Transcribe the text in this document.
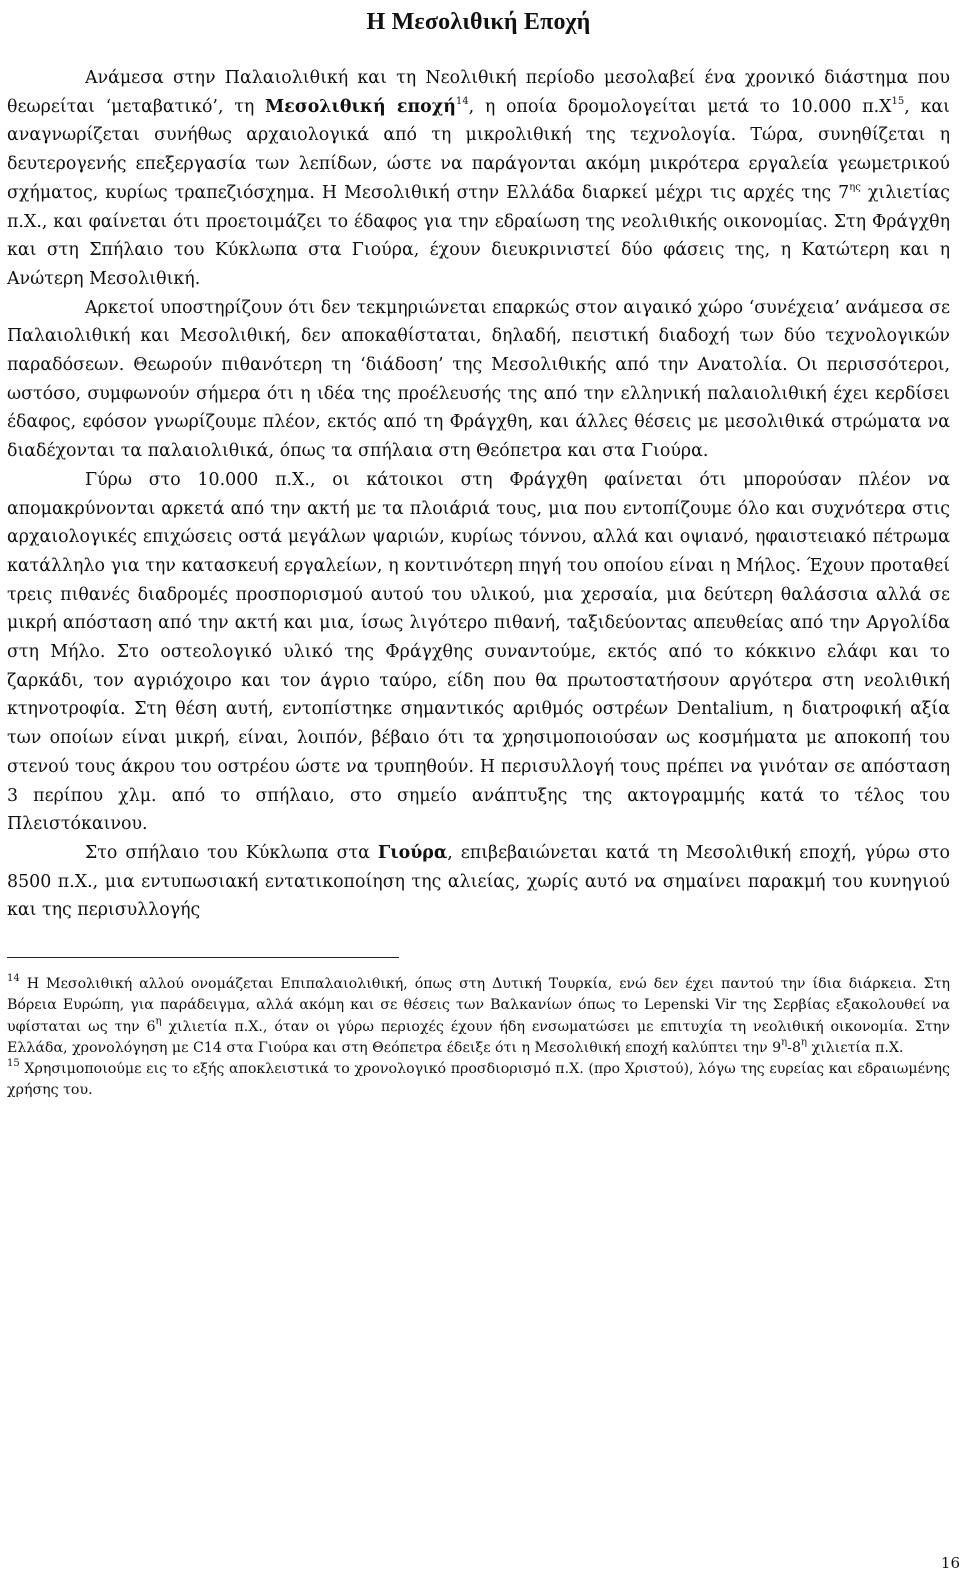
Η Μεσολιθική Εποχή

Ανάμεσα στην Παλαιολιθική και τη Νεολιθική περίοδο μεσολαβεί ένα χρονικό διάστημα που θεωρείται ‘μεταβατικό’, τη Μεσολιθική εποχή$^{14}$, η οποία δρομολογείται μετά το 10.000 $\pi.X^{15}$, και αναγνωρίζεται συνήθως αρχαιολογικά από τη μικρολιθική της τεχνολογία. Τώρα, συνηθίζεται η δευτερογενής επεξεργασία των λεπίδων, ώστε να παράγονται ακόμη μικρότερα εργαλεία γεωμετρικού σχήματος, κυρίως τραπεζιόσχημα. Η Μεσολιθική στην Ελλάδα διαρκεί μέχρι τις αρχές της $7^{\eta\varsigma}$ χιλιετίας π.Χ., και φαίνεται ότι προετοιμάζει το έδαφος για την εδραίωση της νεολιθικής οικονομίας. Στη Φράγχθη και στη Σπήλαιο του Κύκλωπα στα Γιούρα, έχουν διευκρινιστεί δύο φάσεις της, η Κατώτερη και η Ανώτερη Μεσολιθική.

Αρκετοί υποστηρίζουν ότι δεν τεκμηριώνεται επαρκώς στον αιγαικό χώρο ‘συνέχεια’ ανάμεσα σε Παλαιολιθική και Μεσολιθική, δεν αποκαθίσταται, δηλαδή, πειστική διαδοχή των δύο τεχνολογικών παραδόσεων. Θεωρούν πιθανότερη τη ‘διάδοση’ της Μεσολιθικής από την Ανατολία. Οι περισσότεροι, ωστόσο, συμφωνούν σήμερα ότι η ιδέα της προέλευσής της από την ελληνική παλαιολιθική έχει κερδίσει έδαφος, εφόσον γνωρίζουμε πλέον, εκτός από τη Φράγχθη, και άλλες θέσεις με μεσολιθικά στρώματα να διαδέχονται τα παλαιολιθικά, όπως τα σπήλαια στη Θεόπετρα και στα Γιούρα.

Γύρω στο 10.000 π.Χ., οι κάτοικοι στη Φράγχθη φαίνεται ότι μπορούσαν πλέον να απομακρύνονται αρκετά από την ακτή με τα πλοιάριά τους, μια που εντοπίζουμε όλο και συχνότερα στις αρχαιολογικές επιχώσεις οστά μεγάλων ψαριών, κυρίως τόννου, αλλά και οψιανό, ηφαιστειακό πέτρωμα κατάλληλο για την κατασκευή εργαλείων, η κοντινότερη πηγή του οποίου είναι η Μήλος. Έχουν προταθεί τρεις πιθανές διαδρομές προσπορισμού αυτού του υλικού, μια χερσαία, μια δεύτερη θαλάσσια αλλά σε μικρή απόσταση από την ακτή και μια, ίσως λιγότερο πιθανή, ταξιδεύοντας απευθείας από την Αργολίδα στη Μήλο. Στο οστεολογικό υλικό της Φράγχθης συναντούμε, εκτός από το κόκκινο ελάφι και το ζαρκάδι, τον αγριόχοιρο και τον άγριο ταύρο, είδη που θα πρωτοστατήσουν αργότερα στη νεολιθική κτηνοτροφία. Στη θέση αυτή, εντοπίστηκε σημαντικός αριθμός οστρέων Dentalium, η διατροφική αξία των οποίων είναι μικρή, είναι, λοιπόν, βέβαιο ότι τα χρησιμοποιούσαν ως κοσμήματα με αποκοπή του στενού τους άκρου του οστρέου ώστε να τρυπηθούν. Η περισυλλογή τους πρέπει να γινόταν σε απόσταση 3 περίπου χλμ. από το σπήλαιο, στο σημείο ανάπτυξης της ακτογραμμής κατά το τέλος του Πλειστόκαινου.

Στο σπήλαιο του Κύκλωπα στα Γιούρα, επιβεβαιώνεται κατά τη Μεσολιθική εποχή, γύρω στο 8500 π.Χ., μια εντυπωσιακή εντατικοποίηση της αλιείας, χωρίς αυτό να σημαίνει παρακμή του κυνηγιού και της περισυλλογής

$^{14}$ Η Μεσολιθική αλλού ονομάζεται Επιπαλαιολιθική, όπως στη Δυτική Τουρκία, ενώ δεν έχει παντού την ίδια διάρκεια. Στη Βόρεια Ευρώπη, για παράδειγμα, αλλά ακόμη και σε θέσεις των Βαλκανίων όπως το Lepenski Vir της Σερβίας εξακολουθεί να υφίσταται ως την $6^\eta$ χιλιετία π.Χ., όταν οι γύρω περιοχές έχουν ήδη ενσωματώσει με επιτυχία τη νεολιθική οικονομία. Στην Ελλάδα, χρονολόγηση με C14 στα Γιούρα και στη Θεόπετρα έδειξε ότι η Μεσολιθική εποχή καλύπτει την $9^\eta-8^\eta$ χιλιετία π.Χ.

$^{15}$ Χρησιμοποιούμε εις το εξής αποκλειστικά το χρονολογικό προσδιορισμό π.Χ. (προ Χριστού), λόγω της ευρείας και εδραιωμένης χρήσης του.

16
